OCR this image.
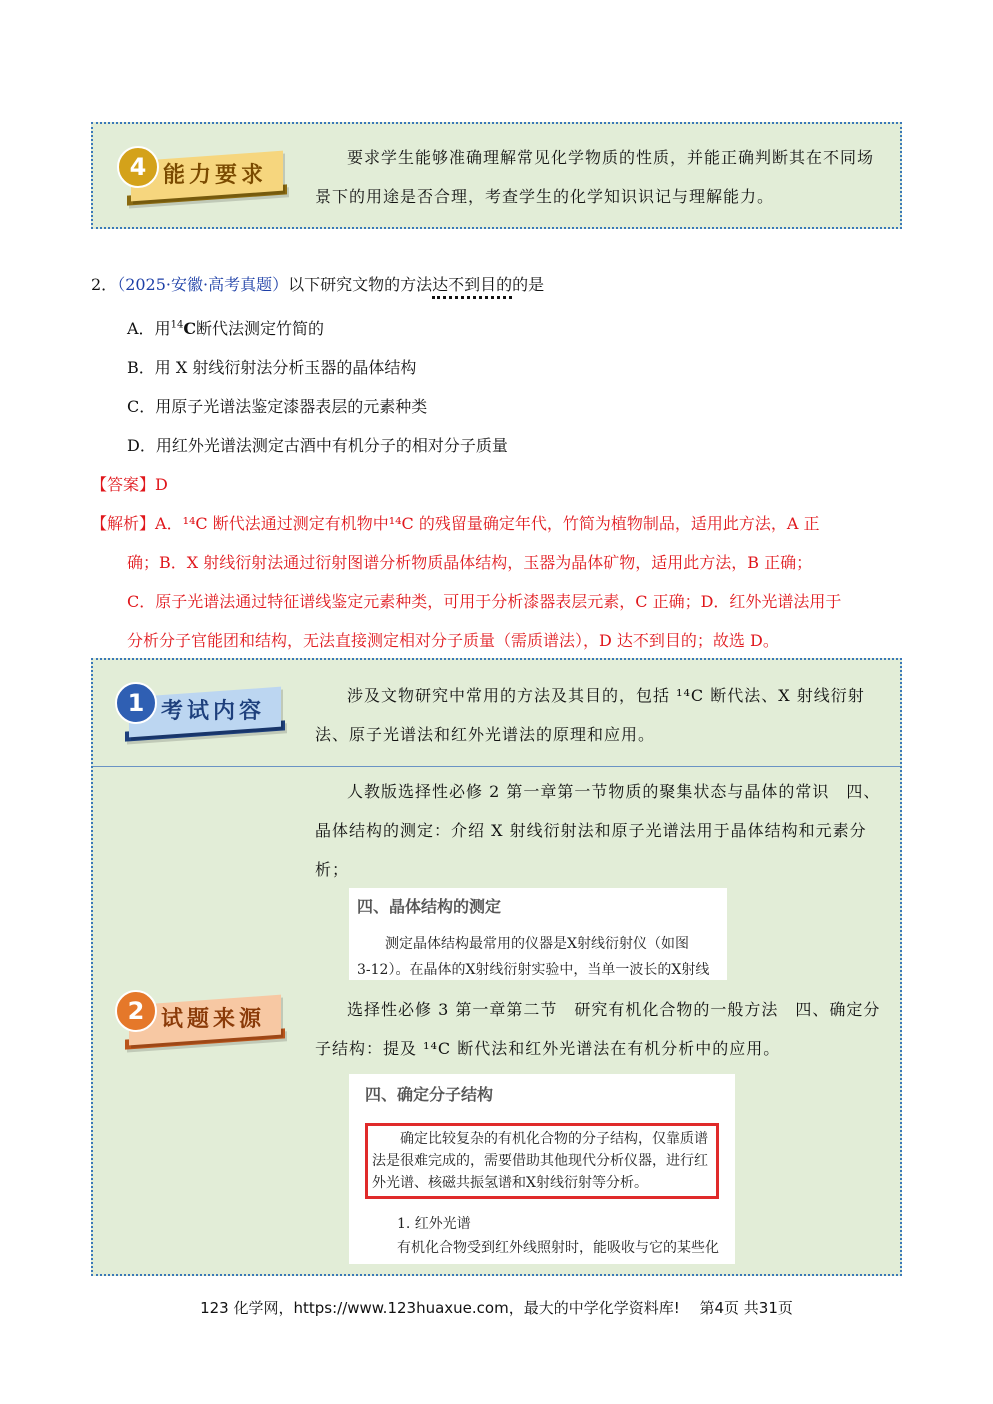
4 能力要求
要求学生能够准确理解常见化学物质的性质，并能正确判断其在不同场景下的用途是否合理，考查学生的化学知识识记与理解能力。
2．（2025·安徽·高考真题）以下研究文物的方法达不到目的的是
A．用$^{14}$C断代法测定竹简的
B．用 X 射线衍射法分析玉器的晶体结构
C．用原子光谱法鉴定漆器表层的元素种类
D．用红外光谱法测定古酒中有机分子的相对分子质量
【答案】D
【解析】A．¹⁴C 断代法通过测定有机物中¹⁴C 的残留量确定年代，竹简为植物制品，适用此方法，A 正
确；B．X 射线衍射法通过衍射图谱分析物质晶体结构，玉器为晶体矿物，适用此方法，B 正确；
C．原子光谱法通过特征谱线鉴定元素种类，可用于分析漆器表层元素，C 正确；D．红外光谱法用于
分析分子官能团和结构，无法直接测定相对分子质量（需质谱法），D 达不到目的；故选 D。
1 考试内容
涉及文物研究中常用的方法及其目的，包括 ¹⁴C 断代法、X 射线衍射法、原子光谱法和红外光谱法的原理和应用。
2 试题来源
人教版选择性必修 2 第一章第一节物质的聚集状态与晶体的常识　四、晶体结构的测定：介绍 X 射线衍射法和原子光谱法用于晶体结构和元素分析；
四、晶体结构的测定
测定晶体结构最常用的仪器是X射线衍射仪（如图
3-12）。在晶体的X射线衍射实验中，当单一波长的X射线
选择性必修 3 第一章第二节　研究有机化合物的一般方法　四、确定分子结构：提及 ¹⁴C 断代法和红外光谱法在有机分析中的应用。
四、确定分子结构
确定比较复杂的有机化合物的分子结构，仅靠质谱法是很难完成的，需要借助其他现代分析仪器，进行红外光谱、核磁共振氢谱和X射线衍射等分析。
1. 红外光谱
有机化合物受到红外线照射时，能吸收与它的某些化
123 化学网，https://www.123huaxue.com，最大的中学化学资料库!　 第4页 共31页
